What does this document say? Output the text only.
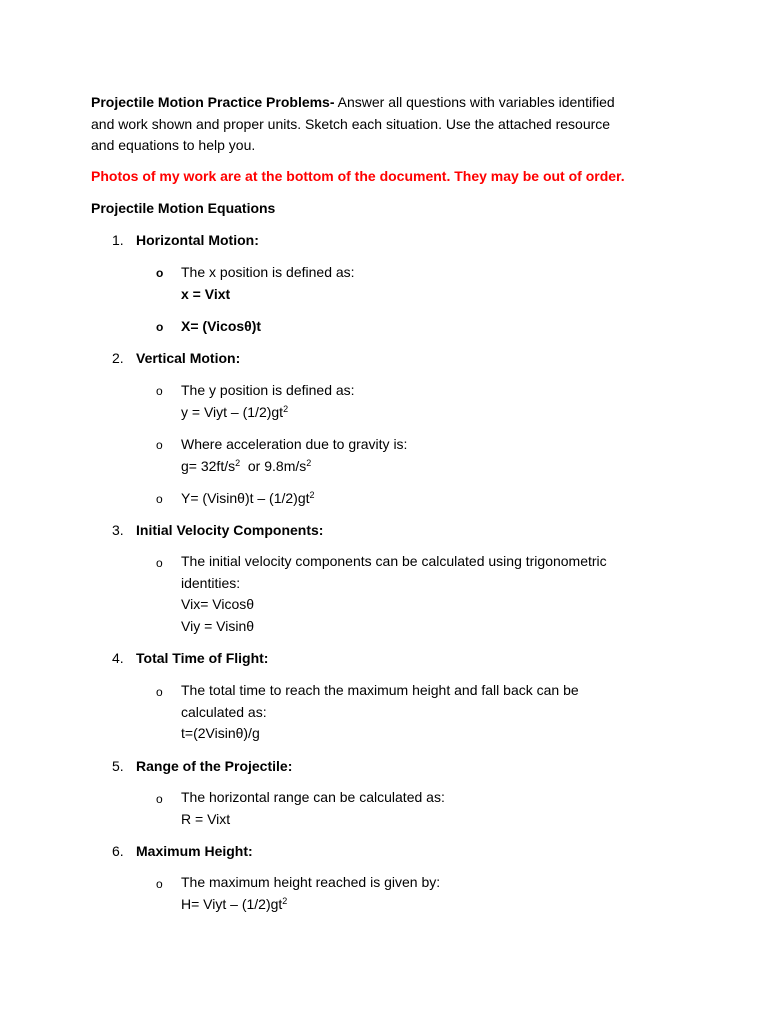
Projectile Motion Practice Problems- Answer all questions with variables identified
and work shown and proper units. Sketch each situation. Use the attached resource
and equations to help you.

Photos of my work are at the bottom of the document. They may be out of order.

Projectile Motion Equations

1. Horizontal Motion:
o The x position is defined as:
x = Vixt
o X= (Vicosθ)t
2. Vertical Motion:
o The y position is defined as:
y = Viyt – $(1/2)gt^2$
o Where acceleration due to gravity is:
$g= 32ft/s^2$  or $9.8m/s^2$
o $Y= (Visin\theta)t - (1/2)gt^2$
3. Initial Velocity Components:
o The initial velocity components can be calculated using trigonometric
identities:
Vix= Vicosθ
Viy = Visinθ
4. Total Time of Flight:
o The total time to reach the maximum height and fall back can be
calculated as:
t=(2Visinθ)/g
5. Range of the Projectile:
o The horizontal range can be calculated as:
R = Vixt
6. Maximum Height:
o The maximum height reached is given by:
H= Viyt – $(1/2)gt^2$
